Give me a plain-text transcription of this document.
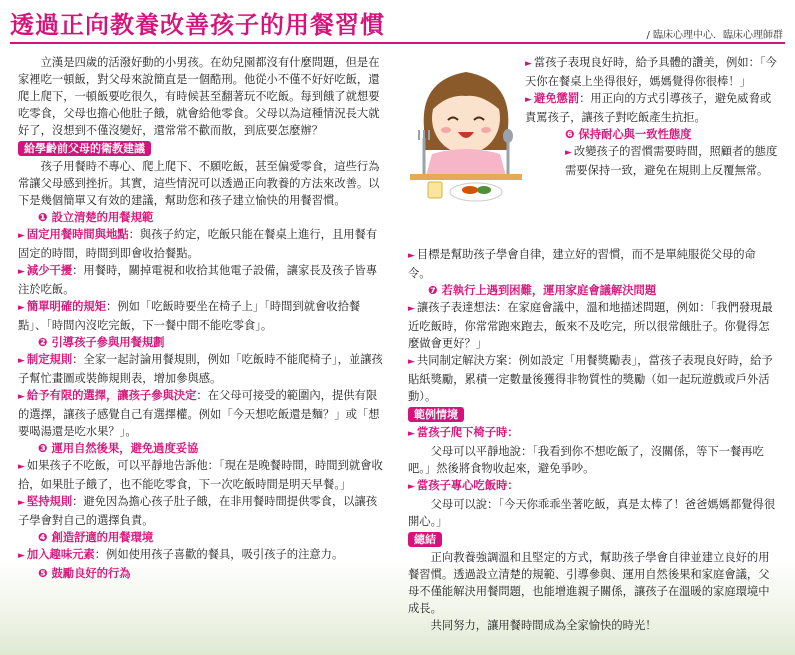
透過正向教養改善孩子的用餐習慣	/ 臨床心理中心．臨床心理師群

立漢是四歲的活潑好動的小男孩。在幼兒園都沒有什麼問題，但是在家裡吃一頓飯，對父母來說簡直是一個酷刑。他從小不僅不好好吃飯，還爬上爬下，一頓飯要吃很久，有時候甚至翻著玩不吃飯。每到餓了就想要吃零食，父母也擔心他肚子餓，就會給他零食。父母以為這種情況長大就好了，沒想到不僅沒變好，還常常不歡而散，到底要怎麼辦？

給學齡前父母的衛教建議

孩子用餐時不專心、爬上爬下、不願吃飯，甚至偏愛零食，這些行為常讓父母感到挫折。其實，這些情況可以透過正向教養的方法來改善。以下是幾個簡單又有效的建議，幫助您和孩子建立愉快的用餐習慣。

❶ 設立清楚的用餐規範

► 固定用餐時間與地點：與孩子約定，吃飯只能在餐桌上進行，且用餐有固定的時間，時間到即會收拾餐點。

► 減少干擾：用餐時，關掉電視和收拾其他電子設備，讓家長及孩子皆專注於吃飯。

► 簡單明確的規矩：例如「吃飯時要坐在椅子上」「時間到就會收拾餐點」、「時間內沒吃完飯，下一餐中間不能吃零食」。

❷ 引導孩子參與用餐規劃

► 制定規則：全家一起討論用餐規則，例如「吃飯時不能爬椅子」，並讓孩子幫忙畫圖或裝飾規則表，增加參與感。

► 給予有限的選擇，讓孩子參與決定：在父母可接受的範圍內，提供有限的選擇，讓孩子感覺自己有選擇權。例如「今天想吃飯還是麵？」或「想要喝湯還是吃水果？」。

❸ 運用自然後果，避免過度妥協

► 如果孩子不吃飯，可以平靜地告訴他：「現在是晚餐時間，時間到就會收拾，如果肚子餓了，也不能吃零食，下一次吃飯時間是明天早餐。」

► 堅持規則：避免因為擔心孩子肚子餓，在非用餐時間提供零食，以讓孩子學會對自己的選擇負責。

❹ 創造舒適的用餐環境

► 加入趣味元素：例如使用孩子喜歡的餐具，吸引孩子的注意力。

❺ 鼓勵良好的行為

► 當孩子表現良好時，給予具體的讚美，例如：「今天你在餐桌上坐得很好，媽媽覺得你很棒！」

► 避免懲罰：用正向的方式引導孩子，避免威脅或責罵孩子，讓孩子對吃飯產生抗拒。

❻ 保持耐心與一致性態度

► 改變孩子的習慣需要時間，照顧者的態度需要保持一致，避免在規則上反覆無常。

► 目標是幫助孩子學會自律，建立好的習慣，而不是單純服從父母的命令。

❼ 若執行上遇到困難，運用家庭會議解決問題

► 讓孩子表達想法：在家庭會議中，溫和地描述問題，例如：「我們發現最近吃飯時，你常常跑來跑去，飯來不及吃完，所以很常餓肚子。你覺得怎麼做會更好？」

► 共同制定解決方案：例如設定「用餐獎勵表」，當孩子表現良好時，給予貼紙獎勵，累積一定數量後獲得非物質性的獎勵（如一起玩遊戲或戶外活動）。

範例情境

► 當孩子爬下椅子時：

父母可以平靜地說：「我看到你不想吃飯了，沒關係，等下一餐再吃吧。」然後將食物收起來，避免爭吵。

► 當孩子專心吃飯時：

父母可以說：「今天你乖乖坐著吃飯，真是太棒了！爸爸媽媽都覺得很開心。」

總結

正向教養強調溫和且堅定的方式，幫助孩子學會自律並建立良好的用餐習慣。透過設立清楚的規範、引導參與、運用自然後果和家庭會議，父母不僅能解決用餐問題，也能增進親子關係，讓孩子在溫暖的家庭環境中成長。

共同努力，讓用餐時間成為全家愉快的時光！
